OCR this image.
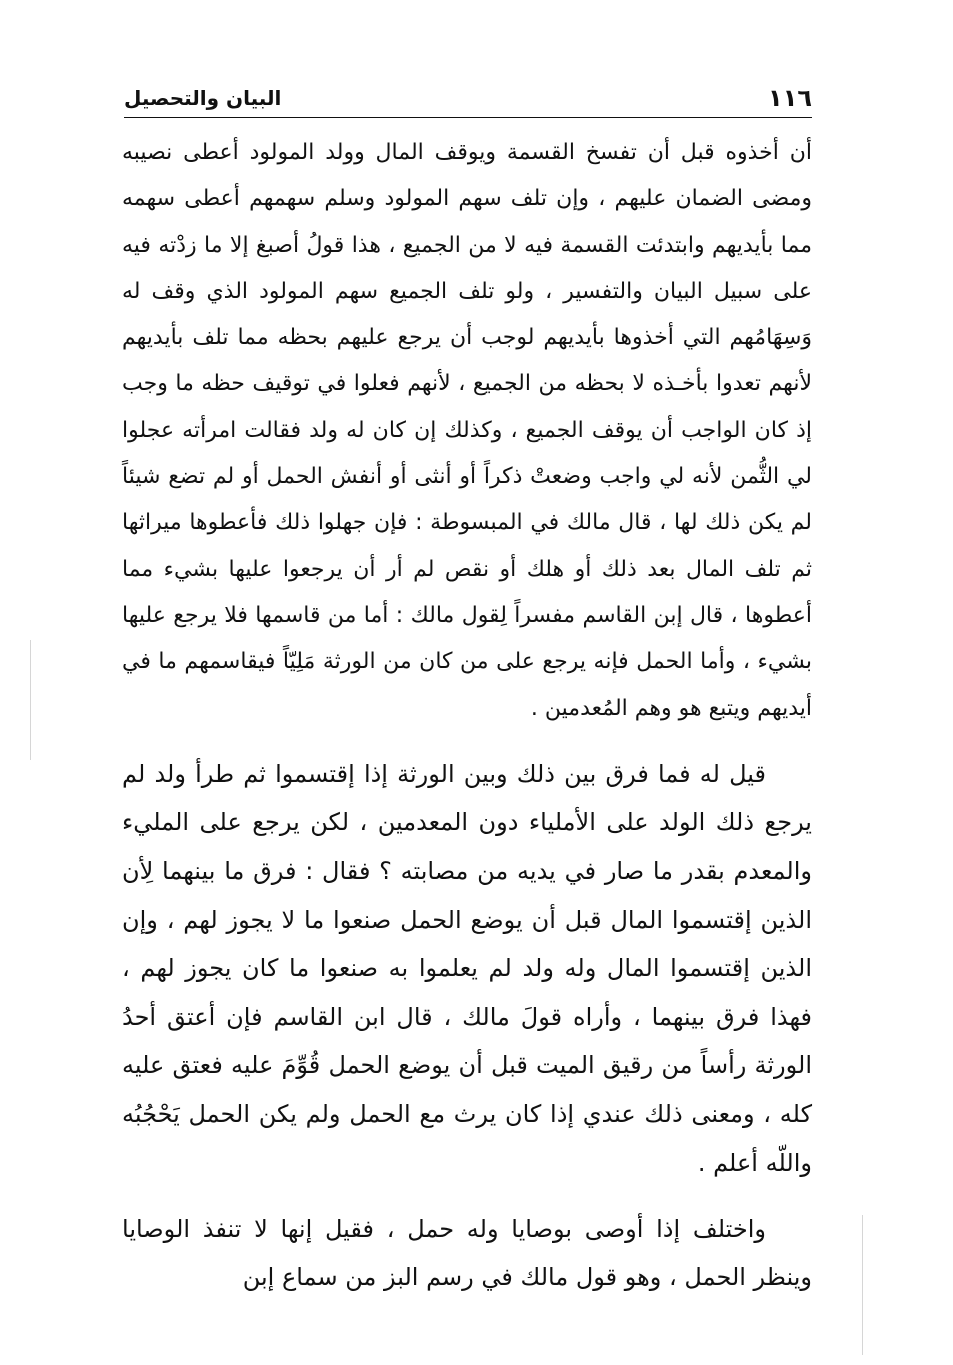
١١٦
البيان والتحصيل

أن أخذوه قبل أن تفسخ القسمة ويوقف المال وولد المولود أعطى نصيبه ومضى الضمان عليهم ، وإن تلف سهم المولود وسلم سهمهم أعطى سهمه مما بأيديهم وابتدئت القسمة فيه لا من الجميع ، هذا قولُ أصبغ إلا ما زدْته فيه على سبيل البيان والتفسير ، ولو تلف الجميع سهم المولود الذي وقف له وَسِهَامُهم التي أخذوها بأيديهم لوجب أن يرجع عليهم بحظه مما تلف بأيديهم لأنهم تعدوا بأخـذه لا بحظه من الجميع ، لأنهم فعلوا في توقيف حظه ما وجب إذ كان الواجب أن يوقف الجميع ، وكذلك إن كان له ولد فقالت امرأته عجلوا لي الثُّمن لأنه لي واجب وضعتْ ذكراً أو أنثى أو أنفش الحمل أو لم تضع شيئاً لم يكن ذلك لها ، قال مالك في المبسوطة : فإن جهلوا ذلك فأعطوها ميراثها ثم تلف المال بعد ذلك أو هلك أو نقص لم أر أن يرجعوا عليها بشيء مما أعطوها ، قال إبن القاسم مفسراً لِقول مالك : أما من قاسمها فلا يرجع عليها بشيء ، وأما الحمل فإنه يرجع على من كان من الورثة مَلِيّاً فيقاسمهم ما في أيديهم ويتبع هو وهم المُعدمين .

قيل له فما فرق بين ذلك وبين الورثة إذا إقتسموا ثم طرأ ولد لم يرجع ذلك الولد على الأملياء دون المعدمين ، لكن يرجع على المليء والمعدم بقدر ما صار في يديه من مصابته ؟ فقال : فرق ما بينهما لِأن الذين إقتسموا المال قبل أن يوضع الحمل صنعوا ما لا يجوز لهم ، وإن الذين إقتسموا المال وله ولد لم يعلموا به صنعوا ما كان يجوز لهم ، فهذا فرق بينهما ، وأراه قولَ مالك ، قال ابن القاسم فإن أعتق أحدُ الورثة رأساً من رقيق الميت قبل أن يوضع الحمل قُوِّمَ عليه فعتق عليه كله ، ومعنى ذلك عندي إذا كان يرث مع الحمل ولم يكن الحمل يَحْجُبُه واللّه أعلم .

واختلف إذا أوصى بوصايا وله حمل ، فقيل إنها لا تنفذ الوصايا وينظر الحمل ، وهو قول مالك في رسم البز من سماع إبن
